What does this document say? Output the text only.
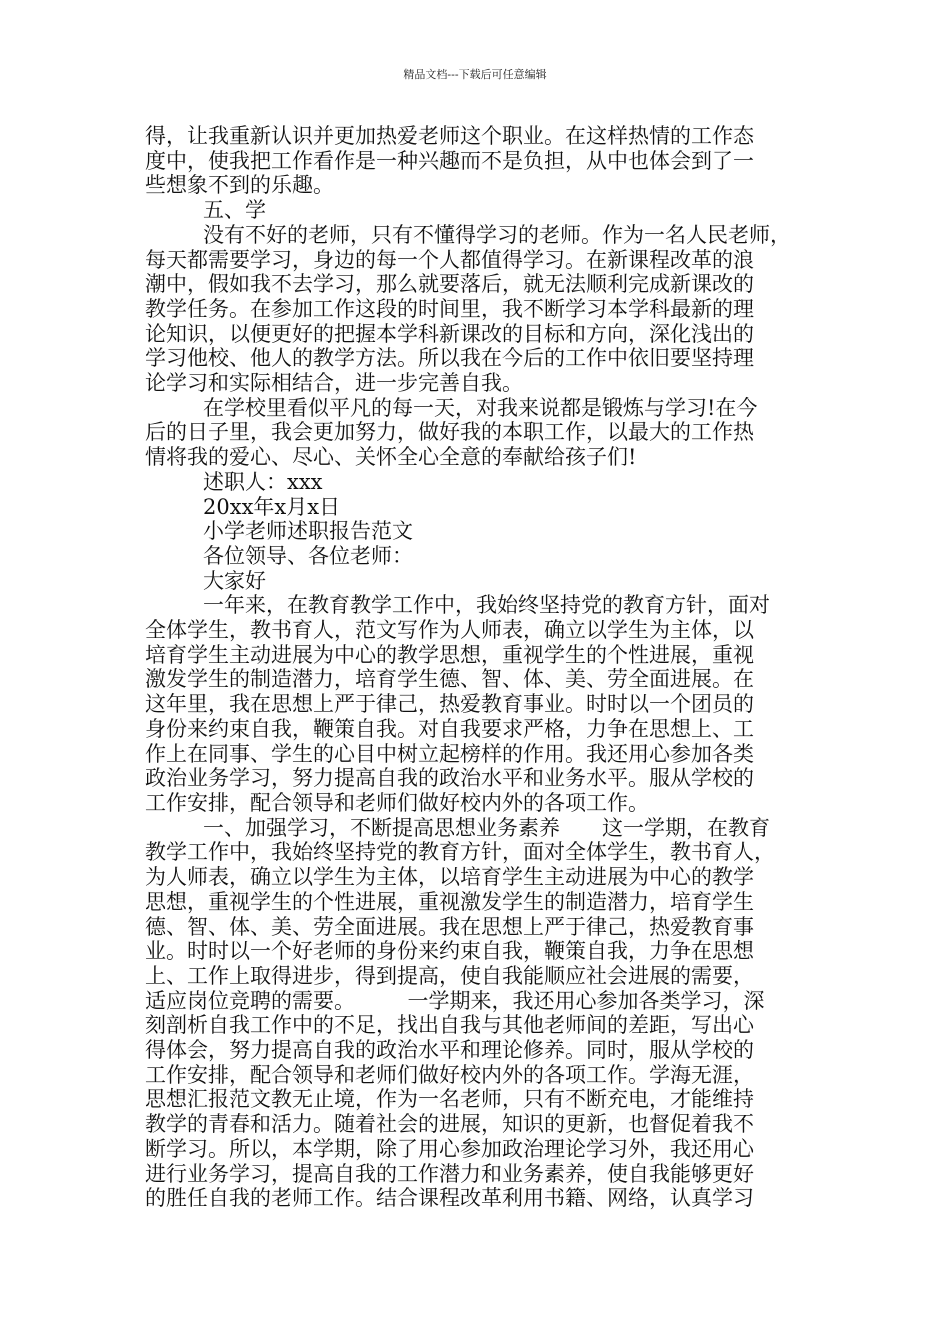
精品文档---下载后可任意编辑

得，让我重新认识并更加热爱老师这个职业。在这样热情的工作态

度中，使我把工作看作是一种兴趣而不是负担，从中也体会到了一

些想象不到的乐趣。

五、学

没有不好的老师，只有不懂得学习的老师。作为一名人民老师，

每天都需要学习，身边的每一个人都值得学习。在新课程改革的浪

潮中，假如我不去学习，那么就要落后，就无法顺利完成新课改的

教学任务。在参加工作这段的时间里，我不断学习本学科最新的理

论知识，以便更好的把握本学科新课改的目标和方向，深化浅出的

学习他校、他人的教学方法。所以我在今后的工作中依旧要坚持理

论学习和实际相结合，进一步完善自我。

在学校里看似平凡的每一天，对我来说都是锻炼与学习!在今

后的日子里，我会更加努力，做好我的本职工作，以最大的工作热

情将我的爱心、尽心、关怀全心全意的奉献给孩子们!

述职人：xxx

20xx年x月x日

小学老师述职报告范文

各位领导、各位老师：

大家好

一年来，在教育教学工作中，我始终坚持党的教育方针，面对

全体学生，教书育人，范文写作为人师表，确立以学生为主体，以

培育学生主动进展为中心的教学思想，重视学生的个性进展，重视

激发学生的制造潜力，培育学生德、智、体、美、劳全面进展。在

这年里，我在思想上严于律己，热爱教育事业。时时以一个团员的

身份来约束自我，鞭策自我。对自我要求严格，力争在思想上、工

作上在同事、学生的心目中树立起榜样的作用。我还用心参加各类

政治业务学习，努力提高自我的政治水平和业务水平。服从学校的

工作安排，配合领导和老师们做好校内外的各项工作。

一、加强学习，不断提高思想业务素养　　这一学期，在教育

教学工作中，我始终坚持党的教育方针，面对全体学生，教书育人，

为人师表，确立以学生为主体，以培育学生主动进展为中心的教学

思想，重视学生的个性进展，重视激发学生的制造潜力，培育学生

德、智、体、美、劳全面进展。我在思想上严于律己，热爱教育事

业。时时以一个好老师的身份来约束自我，鞭策自我，力争在思想

上、工作上取得进步，得到提高，使自我能顺应社会进展的需要，

适应岗位竞聘的需要。　　　一学期来，我还用心参加各类学习，深

刻剖析自我工作中的不足，找出自我与其他老师间的差距，写出心

得体会，努力提高自我的政治水平和理论修养。同时，服从学校的

工作安排，配合领导和老师们做好校内外的各项工作。学海无涯，

思想汇报范文教无止境，作为一名老师，只有不断充电，才能维持

教学的青春和活力。随着社会的进展，知识的更新，也督促着我不

断学习。所以，本学期，除了用心参加政治理论学习外，我还用心

进行业务学习，提高自我的工作潜力和业务素养，使自我能够更好

的胜任自我的老师工作。结合课程改革利用书籍、网络，认真学习
